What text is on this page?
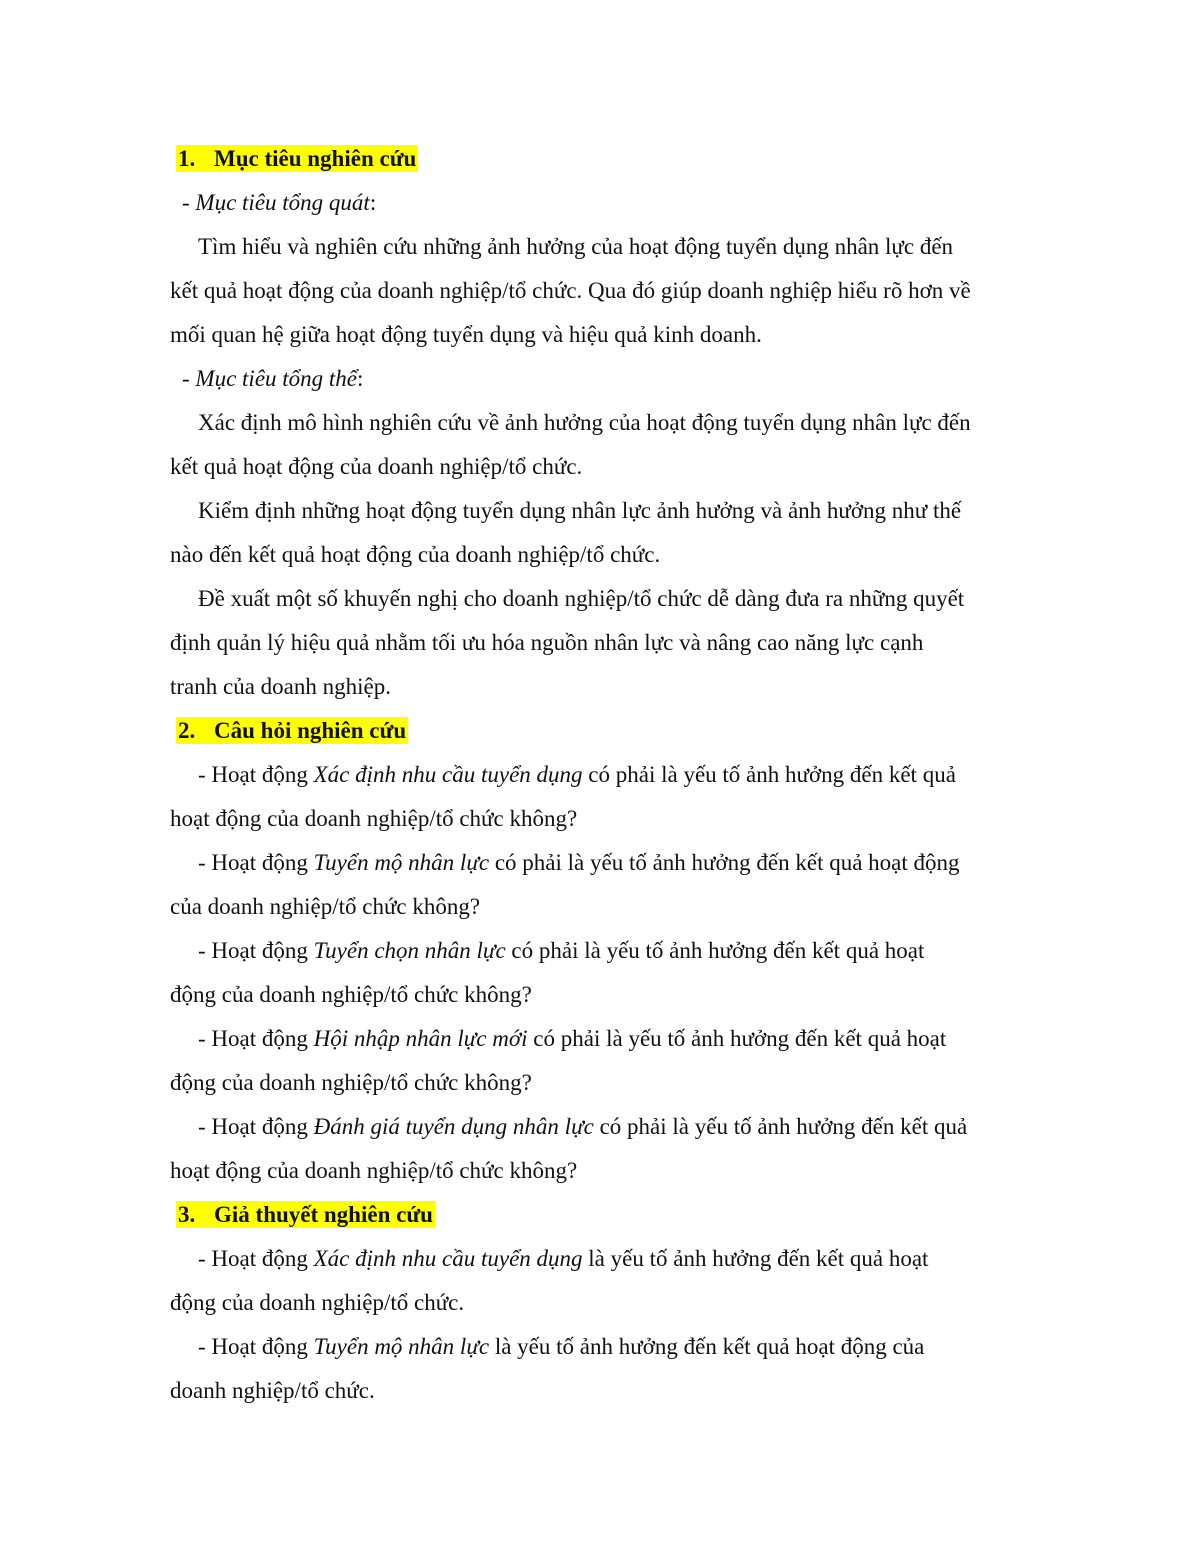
1. Mục tiêu nghiên cứu
- Mục tiêu tổng quát:
Tìm hiểu và nghiên cứu những ảnh hưởng của hoạt động tuyển dụng nhân lực đến
kết quả hoạt động của doanh nghiệp/tổ chức. Qua đó giúp doanh nghiệp hiểu rõ hơn về
mối quan hệ giữa hoạt động tuyển dụng và hiệu quả kinh doanh.
- Mục tiêu tổng thể:
Xác định mô hình nghiên cứu về ảnh hưởng của hoạt động tuyển dụng nhân lực đến
kết quả hoạt động của doanh nghiệp/tổ chức.
Kiểm định những hoạt động tuyển dụng nhân lực ảnh hưởng và ảnh hưởng như thế
nào đến kết quả hoạt động của doanh nghiệp/tổ chức.
Đề xuất một số khuyến nghị cho doanh nghiệp/tổ chức dễ dàng đưa ra những quyết
định quản lý hiệu quả nhằm tối ưu hóa nguồn nhân lực và nâng cao năng lực cạnh
tranh của doanh nghiệp.
2. Câu hỏi nghiên cứu
- Hoạt động Xác định nhu cầu tuyển dụng có phải là yếu tố ảnh hưởng đến kết quả
hoạt động của doanh nghiệp/tổ chức không?
- Hoạt động Tuyển mộ nhân lực có phải là yếu tố ảnh hưởng đến kết quả hoạt động
của doanh nghiệp/tổ chức không?
- Hoạt động Tuyển chọn nhân lực có phải là yếu tố ảnh hưởng đến kết quả hoạt
động của doanh nghiệp/tổ chức không?
- Hoạt động Hội nhập nhân lực mới có phải là yếu tố ảnh hưởng đến kết quả hoạt
động của doanh nghiệp/tổ chức không?
- Hoạt động Đánh giá tuyển dụng nhân lực có phải là yếu tố ảnh hưởng đến kết quả
hoạt động của doanh nghiệp/tổ chức không?
3. Giả thuyết nghiên cứu
- Hoạt động Xác định nhu cầu tuyển dụng là yếu tố ảnh hưởng đến kết quả hoạt
động của doanh nghiệp/tổ chức.
- Hoạt động Tuyển mộ nhân lực là yếu tố ảnh hưởng đến kết quả hoạt động của
doanh nghiệp/tổ chức.
